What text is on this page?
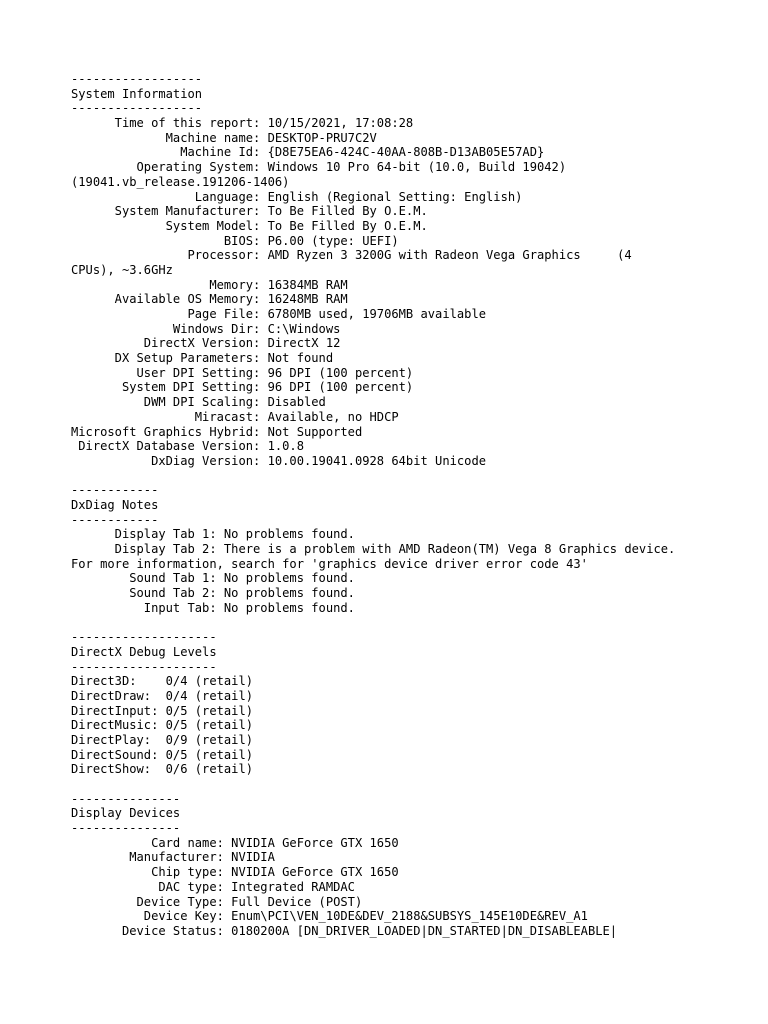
------------------
System Information
------------------
Time of this report: 10/15/2021, 17:08:28
Machine name: DESKTOP-PRU7C2V
Machine Id: {D8E75EA6-424C-40AA-808B-D13AB05E57AD}
Operating System: Windows 10 Pro 64-bit (10.0, Build 19042)
(19041.vb_release.191206-1406)
Language: English (Regional Setting: English)
System Manufacturer: To Be Filled By O.E.M.
System Model: To Be Filled By O.E.M.
BIOS: P6.00 (type: UEFI)
Processor: AMD Ryzen 3 3200G with Radeon Vega Graphics     (4
CPUs), ~3.6GHz
Memory: 16384MB RAM
Available OS Memory: 16248MB RAM
Page File: 6780MB used, 19706MB available
Windows Dir: C:\Windows
DirectX Version: DirectX 12
DX Setup Parameters: Not found
User DPI Setting: 96 DPI (100 percent)
System DPI Setting: 96 DPI (100 percent)
DWM DPI Scaling: Disabled
Miracast: Available, no HDCP
Microsoft Graphics Hybrid: Not Supported
DirectX Database Version: 1.0.8
DxDiag Version: 10.00.19041.0928 64bit Unicode
------------
DxDiag Notes
------------
Display Tab 1: No problems found.
Display Tab 2: There is a problem with AMD Radeon(TM) Vega 8 Graphics device.
For more information, search for 'graphics device driver error code 43'
Sound Tab 1: No problems found.
Sound Tab 2: No problems found.
Input Tab: No problems found.
--------------------
DirectX Debug Levels
--------------------
Direct3D:    0/4 (retail)
DirectDraw:  0/4 (retail)
DirectInput: 0/5 (retail)
DirectMusic: 0/5 (retail)
DirectPlay:  0/9 (retail)
DirectSound: 0/5 (retail)
DirectShow:  0/6 (retail)
---------------
Display Devices
---------------
Card name: NVIDIA GeForce GTX 1650
Manufacturer: NVIDIA
Chip type: NVIDIA GeForce GTX 1650
DAC type: Integrated RAMDAC
Device Type: Full Device (POST)
Device Key: Enum\PCI\VEN_10DE&DEV_2188&SUBSYS_145E10DE&REV_A1
Device Status: 0180200A [DN_DRIVER_LOADED|DN_STARTED|DN_DISABLEABLE|
